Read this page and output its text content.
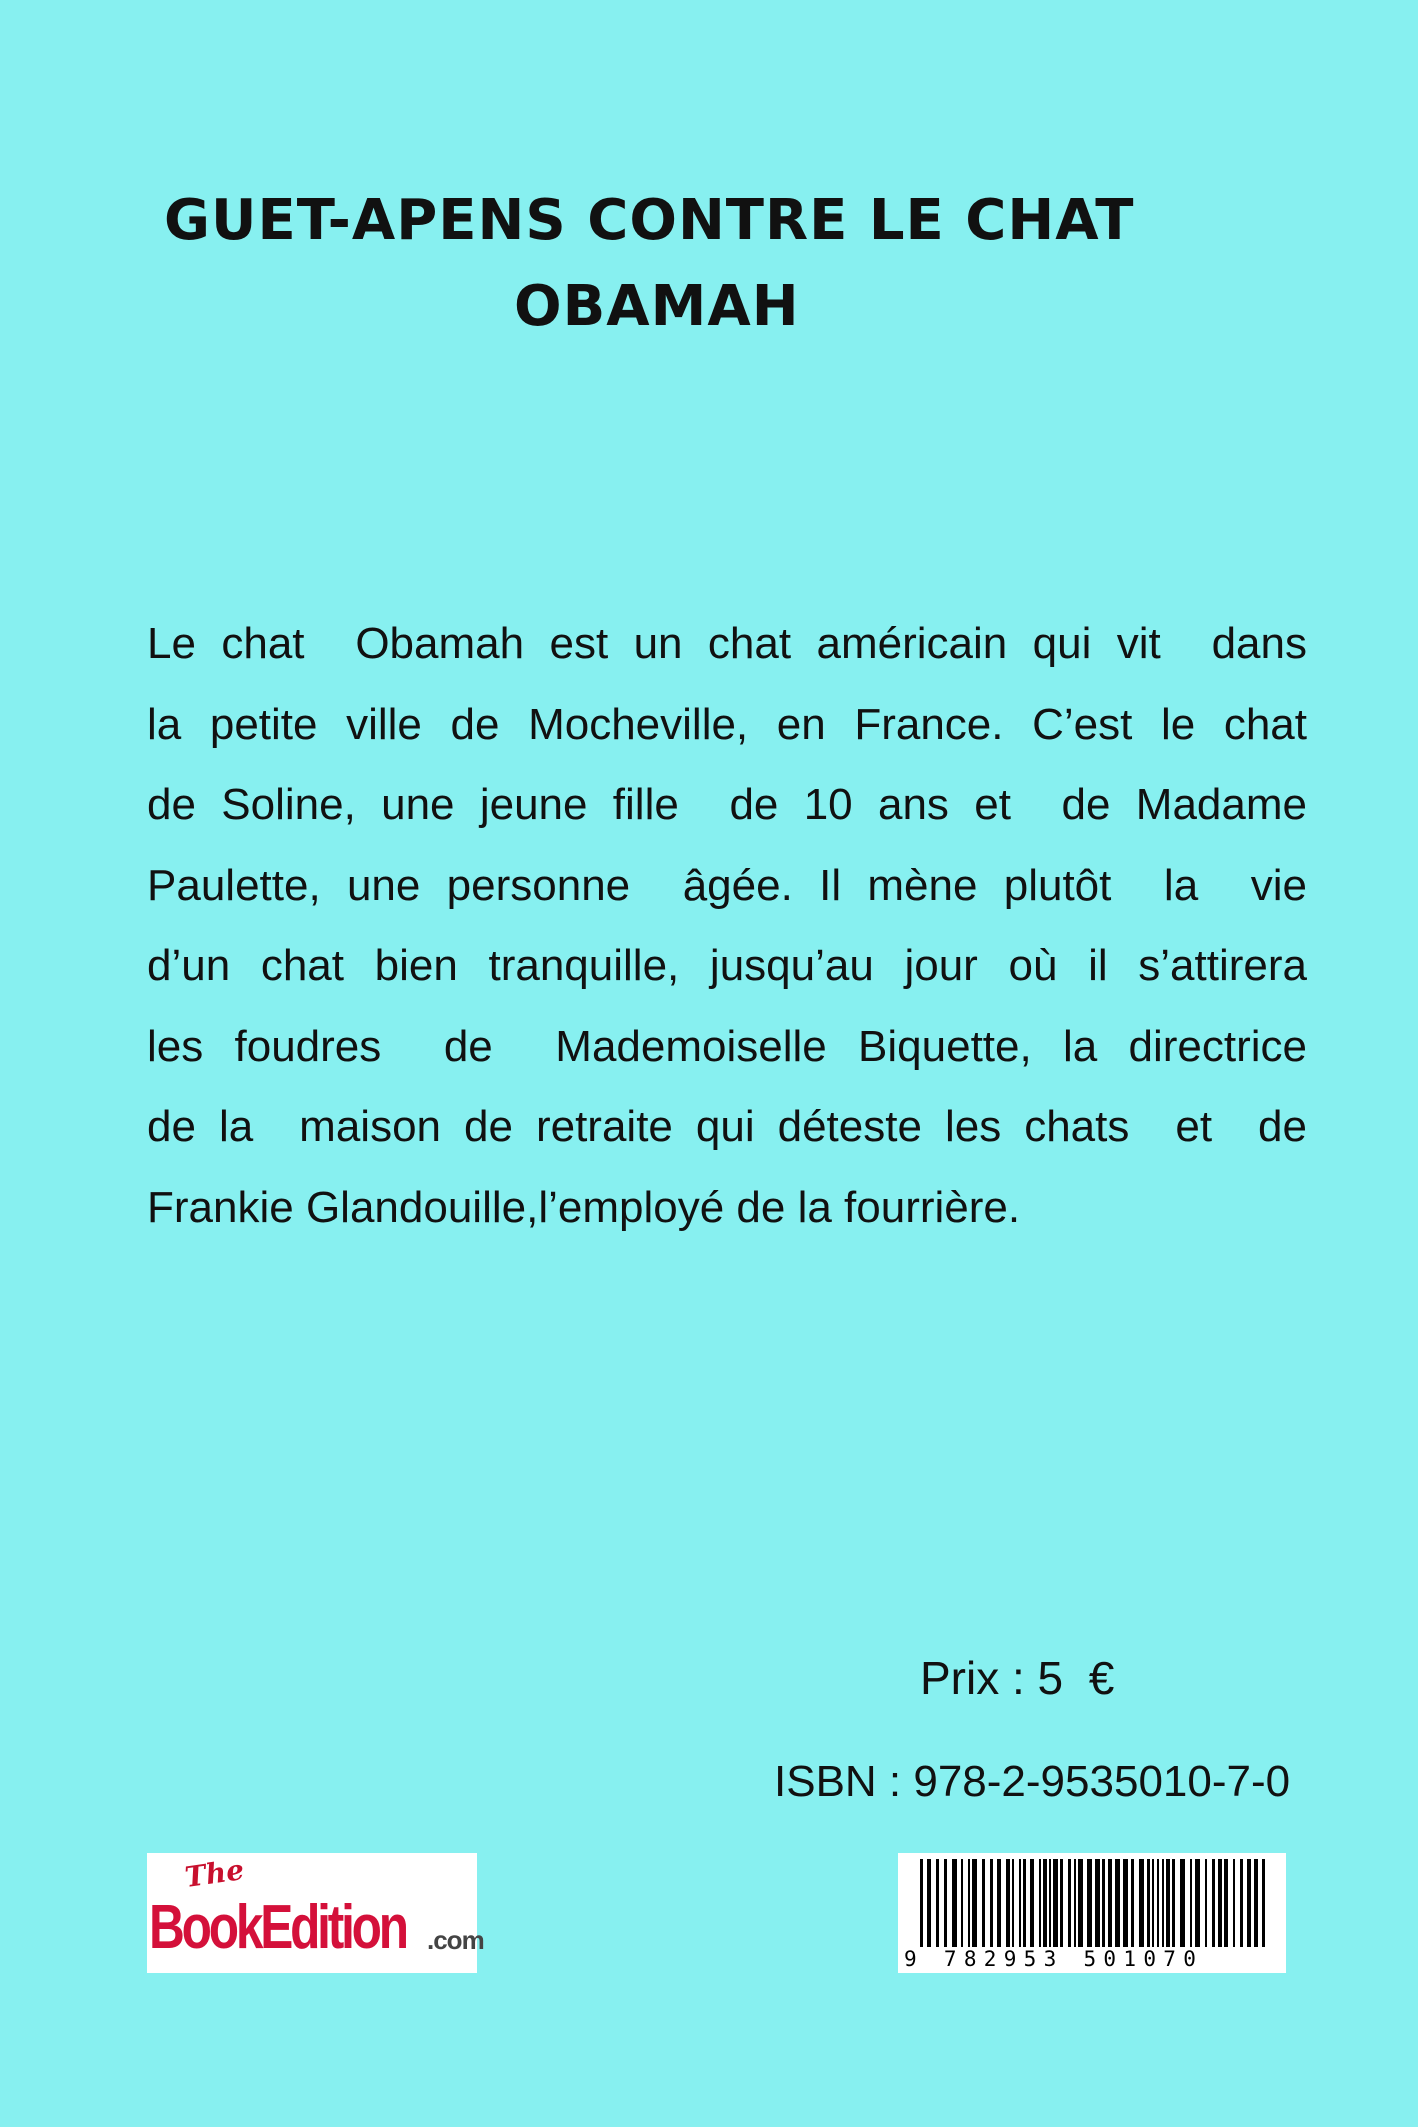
GUET-APENS CONTRE LE CHAT
OBAMAH
Le chat  Obamah est un chat américain qui vit  dans
la petite ville de Mocheville, en France. C’est le chat
de Soline, une jeune fille  de 10 ans et  de Madame
Paulette, une personne  âgée. Il mène plutôt  la  vie
d’un chat bien tranquille, jusqu’au jour où il s’attirera
les foudres  de  Mademoiselle Biquette, la directrice
de la  maison de retraite qui déteste les chats  et  de
Frankie Glandouille,l’employé de la fourrière.
Prix : 5  €
ISBN : 978-2-9535010-7-0
The
BookEdition .com
9 782953 501070
